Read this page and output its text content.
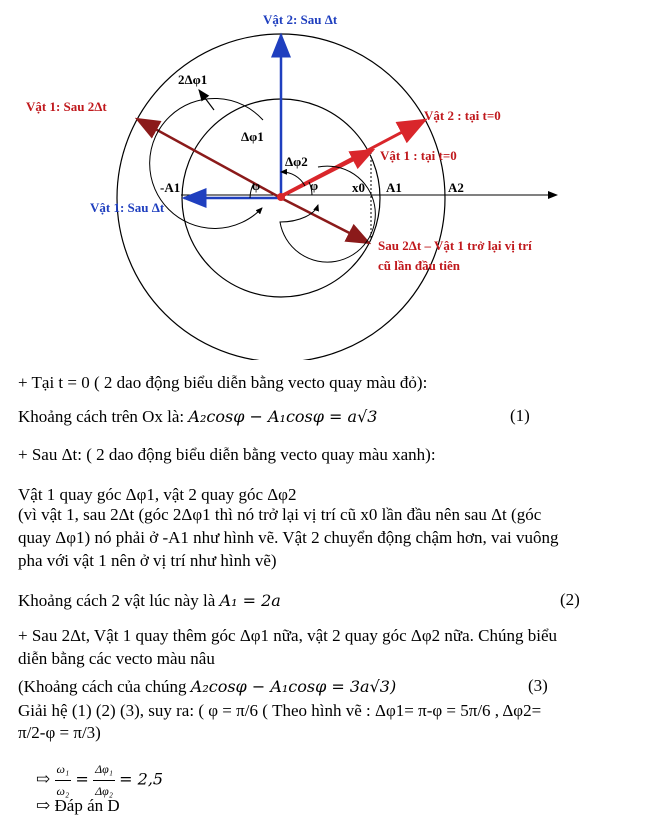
Vật 2: Sau Δt
Vật 1: Sau 2Δt
Vật 1: Sau Δt
Vật 2 : tại t=0
Vật 1 : tại t=0
Sau 2Δt – Vật 1 trở lại vị trí
cũ lần đầu tiên
2Δφ1
Δφ1
Δφ2
φ	φ
-A1	x0 A1	A2
+ Tại t = 0 ( 2 dao động biểu diễn bằng vecto quay màu đỏ):
Khoảng cách trên Ox là: A₂cosφ − A₁cosφ = a√3	(1)
+ Sau Δt: ( 2 dao động biểu diễn bằng vecto quay màu xanh):
Vật 1 quay góc Δφ1, vật 2 quay góc Δφ2
(vì vật 1, sau 2Δt (góc 2Δφ1 thì nó trở lại vị trí cũ x0 lần đầu nên sau Δt (góc
quay Δφ1) nó phải ở -A1 như hình vẽ. Vật 2 chuyển động chậm hơn, vai vuông
pha với vật 1 nên ở vị trí như hình vẽ)
Khoảng cách 2 vật lúc này là A₁ = 2a	(2)
+ Sau 2Δt, Vật 1 quay thêm góc Δφ1 nữa, vật 2 quay góc Δφ2 nữa. Chúng biểu
diễn bằng các vecto màu nâu
(Khoảng cách của chúng A₂cosφ − A₁cosφ = 3a√3)	(3)
Giải hệ (1) (2) (3), suy ra: ( φ = π/6 ( Theo hình vẽ : Δφ1= π-φ = 5π/6 , Δφ2=
π/2-φ = π/3)
⇨ $\frac{\text{ω₁}}{\text{ω₂}} = \frac{\text{Δφ₁}}{\text{Δφ₂}} = 2,5$
⇨ Đáp án D
